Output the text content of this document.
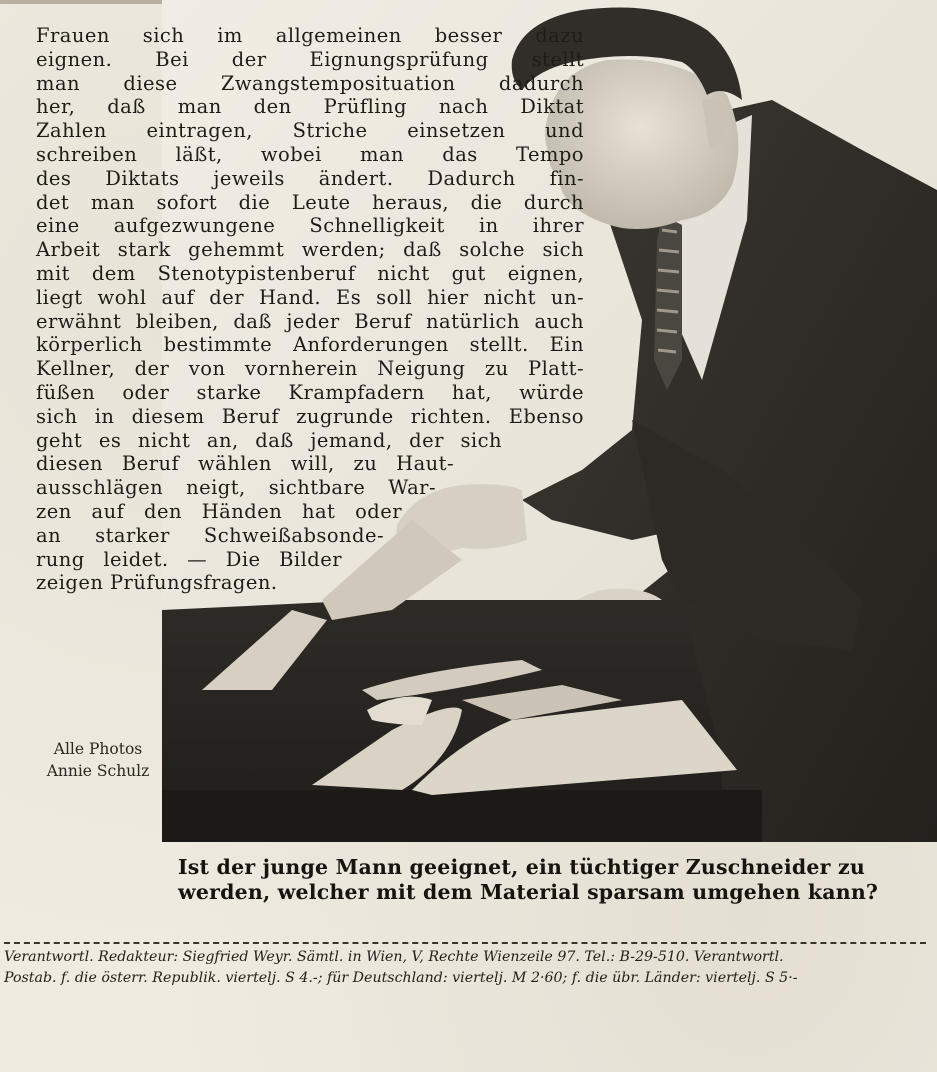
Frauen sich im allgemeinen besser dazu
eignen. Bei der Eignungsprüfung stellt
man diese Zwangstemposituation dadurch
her, daß man den Prüfling nach Diktat
Zahlen eintragen, Striche einsetzen und
schreiben läßt, wobei man das Tempo
des Diktats jeweils ändert. Dadurch fin-
det man sofort die Leute heraus, die durch
eine aufgezwungene Schnelligkeit in ihrer
Arbeit stark gehemmt werden; daß solche sich
mit dem Stenotypistenberuf nicht gut eignen,
liegt wohl auf der Hand. Es soll hier nicht un-
erwähnt bleiben, daß jeder Beruf natürlich auch
körperlich bestimmte Anforderungen stellt. Ein
Kellner, der von vornherein Neigung zu Platt-
füßen oder starke Krampfadern hat, würde
sich in diesem Beruf zugrunde richten. Ebenso
geht es nicht an, daß jemand, der sich
diesen Beruf wählen will, zu Haut-
ausschlägen neigt, sichtbare War-
zen auf den Händen hat oder
an starker Schweißabsonde-
rung leidet. — Die Bilder
zeigen Prüfungsfragen.
Alle Photos
Annie Schulz
Ist der junge Mann geeignet, ein tüchtiger Zuschneider zu
werden, welcher mit dem Material sparsam umgehen kann?
Verantwortl. Redakteur: Siegfried Weyr. Sämtl. in Wien, V, Rechte Wienzeile 97. Tel.: B-29-510. Verantwortl.
Postab. f. die österr. Republik. viertelj. S 4.-; für Deutschland: viertelj. M 2·60; f. die übr. Länder: viertelj. S 5·-
